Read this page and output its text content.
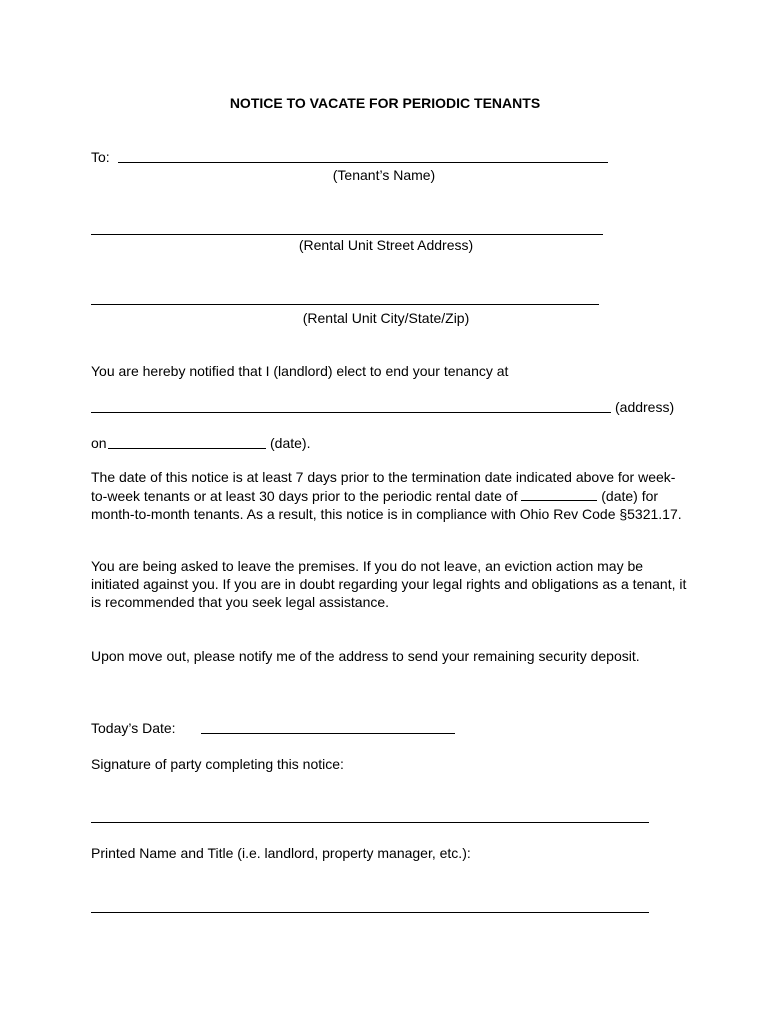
NOTICE TO VACATE FOR PERIODIC TENANTS
To:
(Tenant’s Name)
(Rental Unit Street Address)
(Rental Unit City/State/Zip)
You are hereby notified that I (landlord) elect to end your tenancy at
(address)
on	(date).
The date of this notice is at least 7 days prior to the termination date indicated above for week-to-week tenants or at least 30 days prior to the periodic rental date of	(date) for month-to-month tenants. As a result, this notice is in compliance with Ohio Rev Code §5321.17.
You are being asked to leave the premises. If you do not leave, an eviction action may be initiated against you. If you are in doubt regarding your legal rights and obligations as a tenant, it is recommended that you seek legal assistance.
Upon move out, please notify me of the address to send your remaining security deposit.
Today’s Date:
Signature of party completing this notice:
Printed Name and Title (i.e. landlord, property manager, etc.):
